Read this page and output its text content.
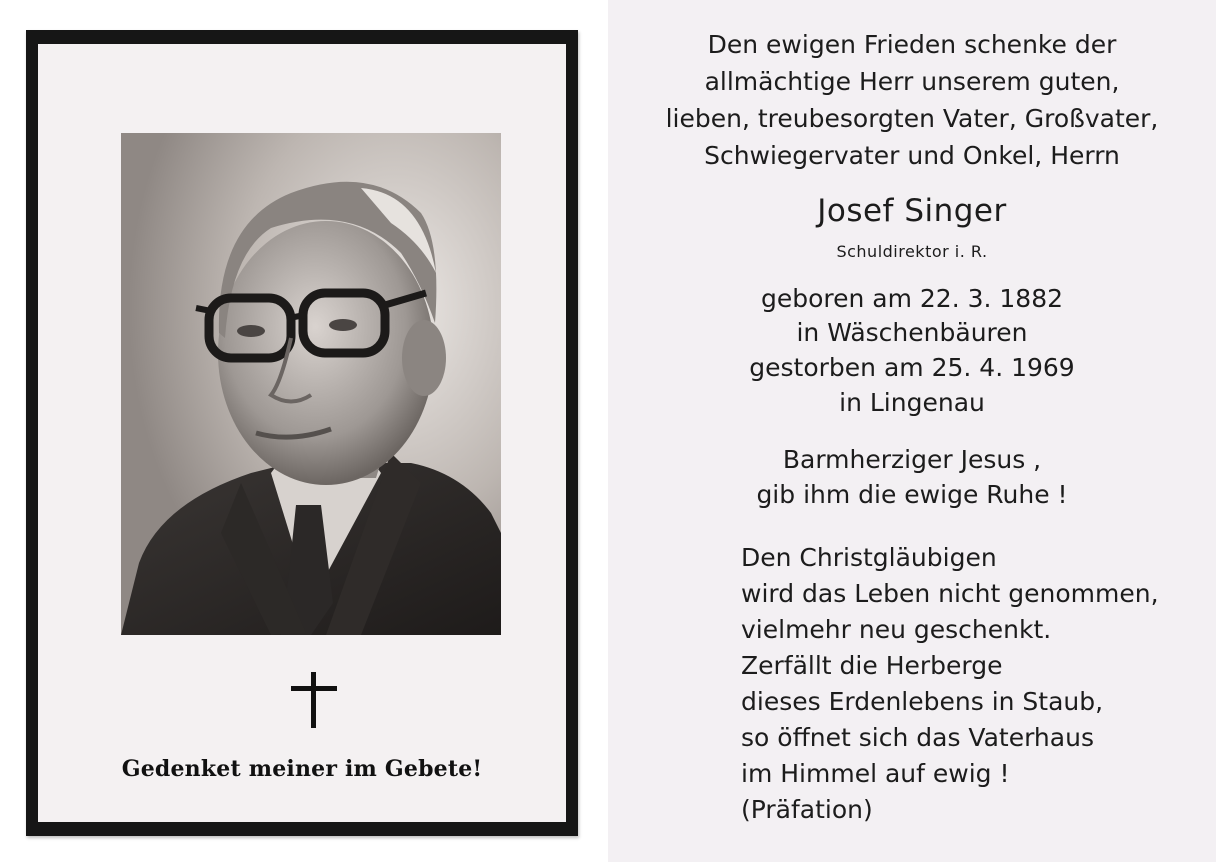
Gedenket meiner im Gebete!
Den ewigen Frieden schenke der
allmächtige Herr unserem guten,
lieben, treubesorgten Vater, Großvater,
Schwiegervater und Onkel, Herrn
Josef Singer
Schuldirektor i. R.
geboren am 22. 3. 1882
in Wäschenbäuren
gestorben am 25. 4. 1969
in Lingenau
Barmherziger Jesus ,
gib ihm die ewige Ruhe !
Den Christgläubigen
wird das Leben nicht genommen,
vielmehr neu geschenkt.
Zerfällt die Herberge
dieses Erdenlebens in Staub,
so öffnet sich das Vaterhaus
im Himmel auf ewig !
(Präfation)
